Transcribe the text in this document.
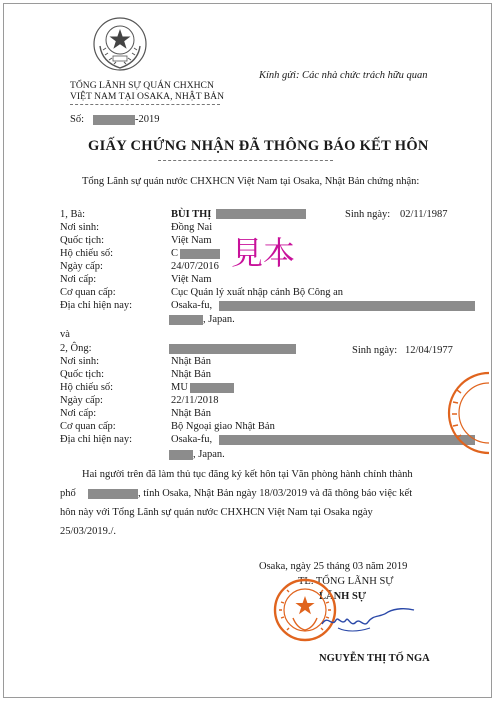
TỔNG LÃNH SỰ QUÁN CHXHCN
VIỆT NAM TẠI OSAKA, NHẬT BẢN
Số:	-2019
Kính gửi: Các nhà chức trách hữu quan
GIẤY CHỨNG NHẬN ĐÃ THÔNG BÁO KẾT HÔN
Tổng Lãnh sự quán nước CHXHCN Việt Nam tại Osaka, Nhật Bản chứng nhận:
1, Bà:	BÙI THỊ	Sinh ngày: 02/11/1987
Nơi sinh:	Đồng Nai
Quốc tịch:	Việt Nam
Hộ chiếu số:	C
Ngày cấp:	24/07/2016
Nơi cấp:	Việt Nam
Cơ quan cấp:	Cục Quản lý xuất nhập cảnh Bộ Công an
Địa chỉ hiện nay:	Osaka-fu,
, Japan.
見本
và
2, Ông:	Sinh ngày: 12/04/1977
Nơi sinh:	Nhật Bản
Quốc tịch:	Nhật Bản
Hộ chiếu số:	MU
Ngày cấp:	22/11/2018
Nơi cấp:	Nhật Bản
Cơ quan cấp:	Bộ Ngoại giao Nhật Bản
Địa chỉ hiện nay:	Osaka-fu,
, Japan.
Hai người trên đã làm thủ tục đăng ký kết hôn tại Văn phòng hành chính thành
phố	, tỉnh Osaka, Nhật Bản ngày 18/03/2019 và đã thông báo việc kết
hôn này với Tổng Lãnh sự quán nước CHXHCN Việt Nam tại Osaka ngày
25/03/2019./.
Osaka, ngày 25 tháng 03 năm 2019
TL. TỔNG LÃNH SỰ
LÃNH SỰ
NGUYỄN THỊ TỐ NGA
